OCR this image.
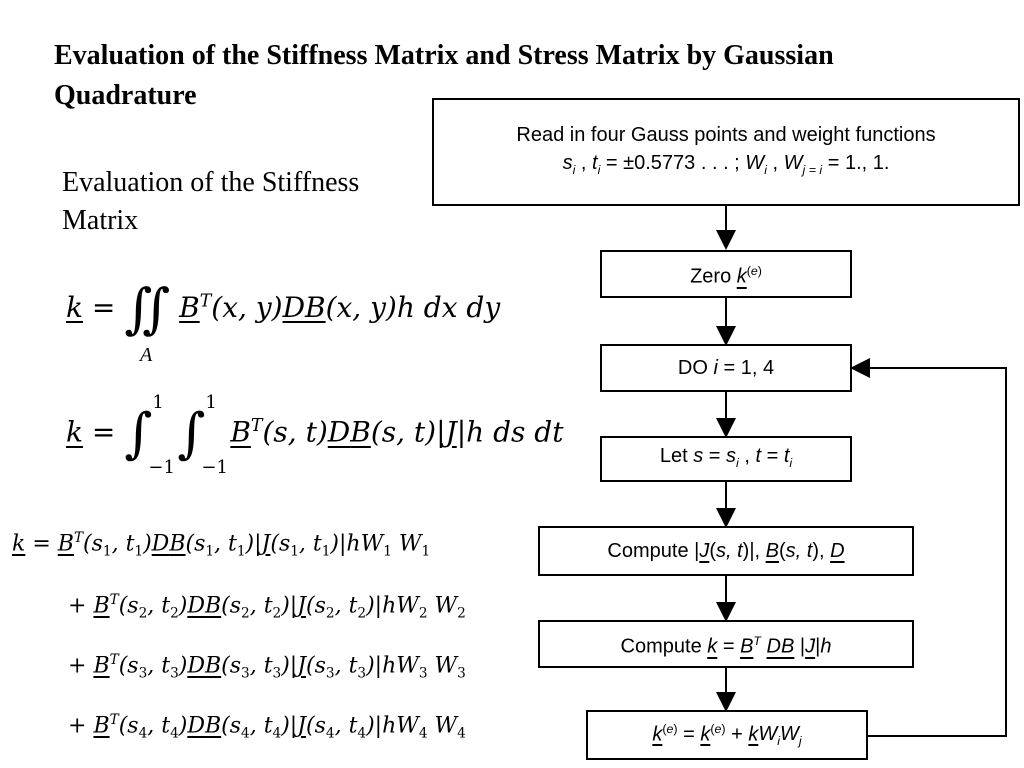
Evaluation of the Stiffness Matrix and Stress Matrix by Gaussian Quadrature
Evaluation of the Stiffness Matrix
k = ∬ $B^T(x$, y)DB(x, y)h dx dy
A
k = ∫ 1
−1
∫ 1
−1
$B^T(s$, t)DB(s, t)|J|h ds dt
$k = B^T(s_1$, $t_1)DB(s_1$, $t_1)|J(s_1$, $t_1)|hW_1$ $W_1$
+ $B^T(s_2$, $t_2)DB(s_2$, $t_2)|J(s_2$, $t_2)|hW_2$ $W_2$
+ $B^T(s_3$, $t_3)DB(s_3$, $t_3)|J(s_3$, $t_3)|hW_3$ $W_3$
+ $B^T(s_4$, $t_4)DB(s_4$, $t_4)|J(s_4$, $t_4)|hW_4$ $W_4$
Read in four Gauss points and weight functions
$s_i$ , $t_i = \pm 0.5773$ . . . ; $W_i$ , $W_{j = i} = 1$., 1.
Zero $k^{(e)}$
DO i = 1, 4
Let $s = s_i$ , $t = t_i$
Compute |J(s, t)|, B(s, t), D
Compute $k = B^T$ DB |J|h
$k^{(e)} = k^{(e)} + kW_iW_j$
